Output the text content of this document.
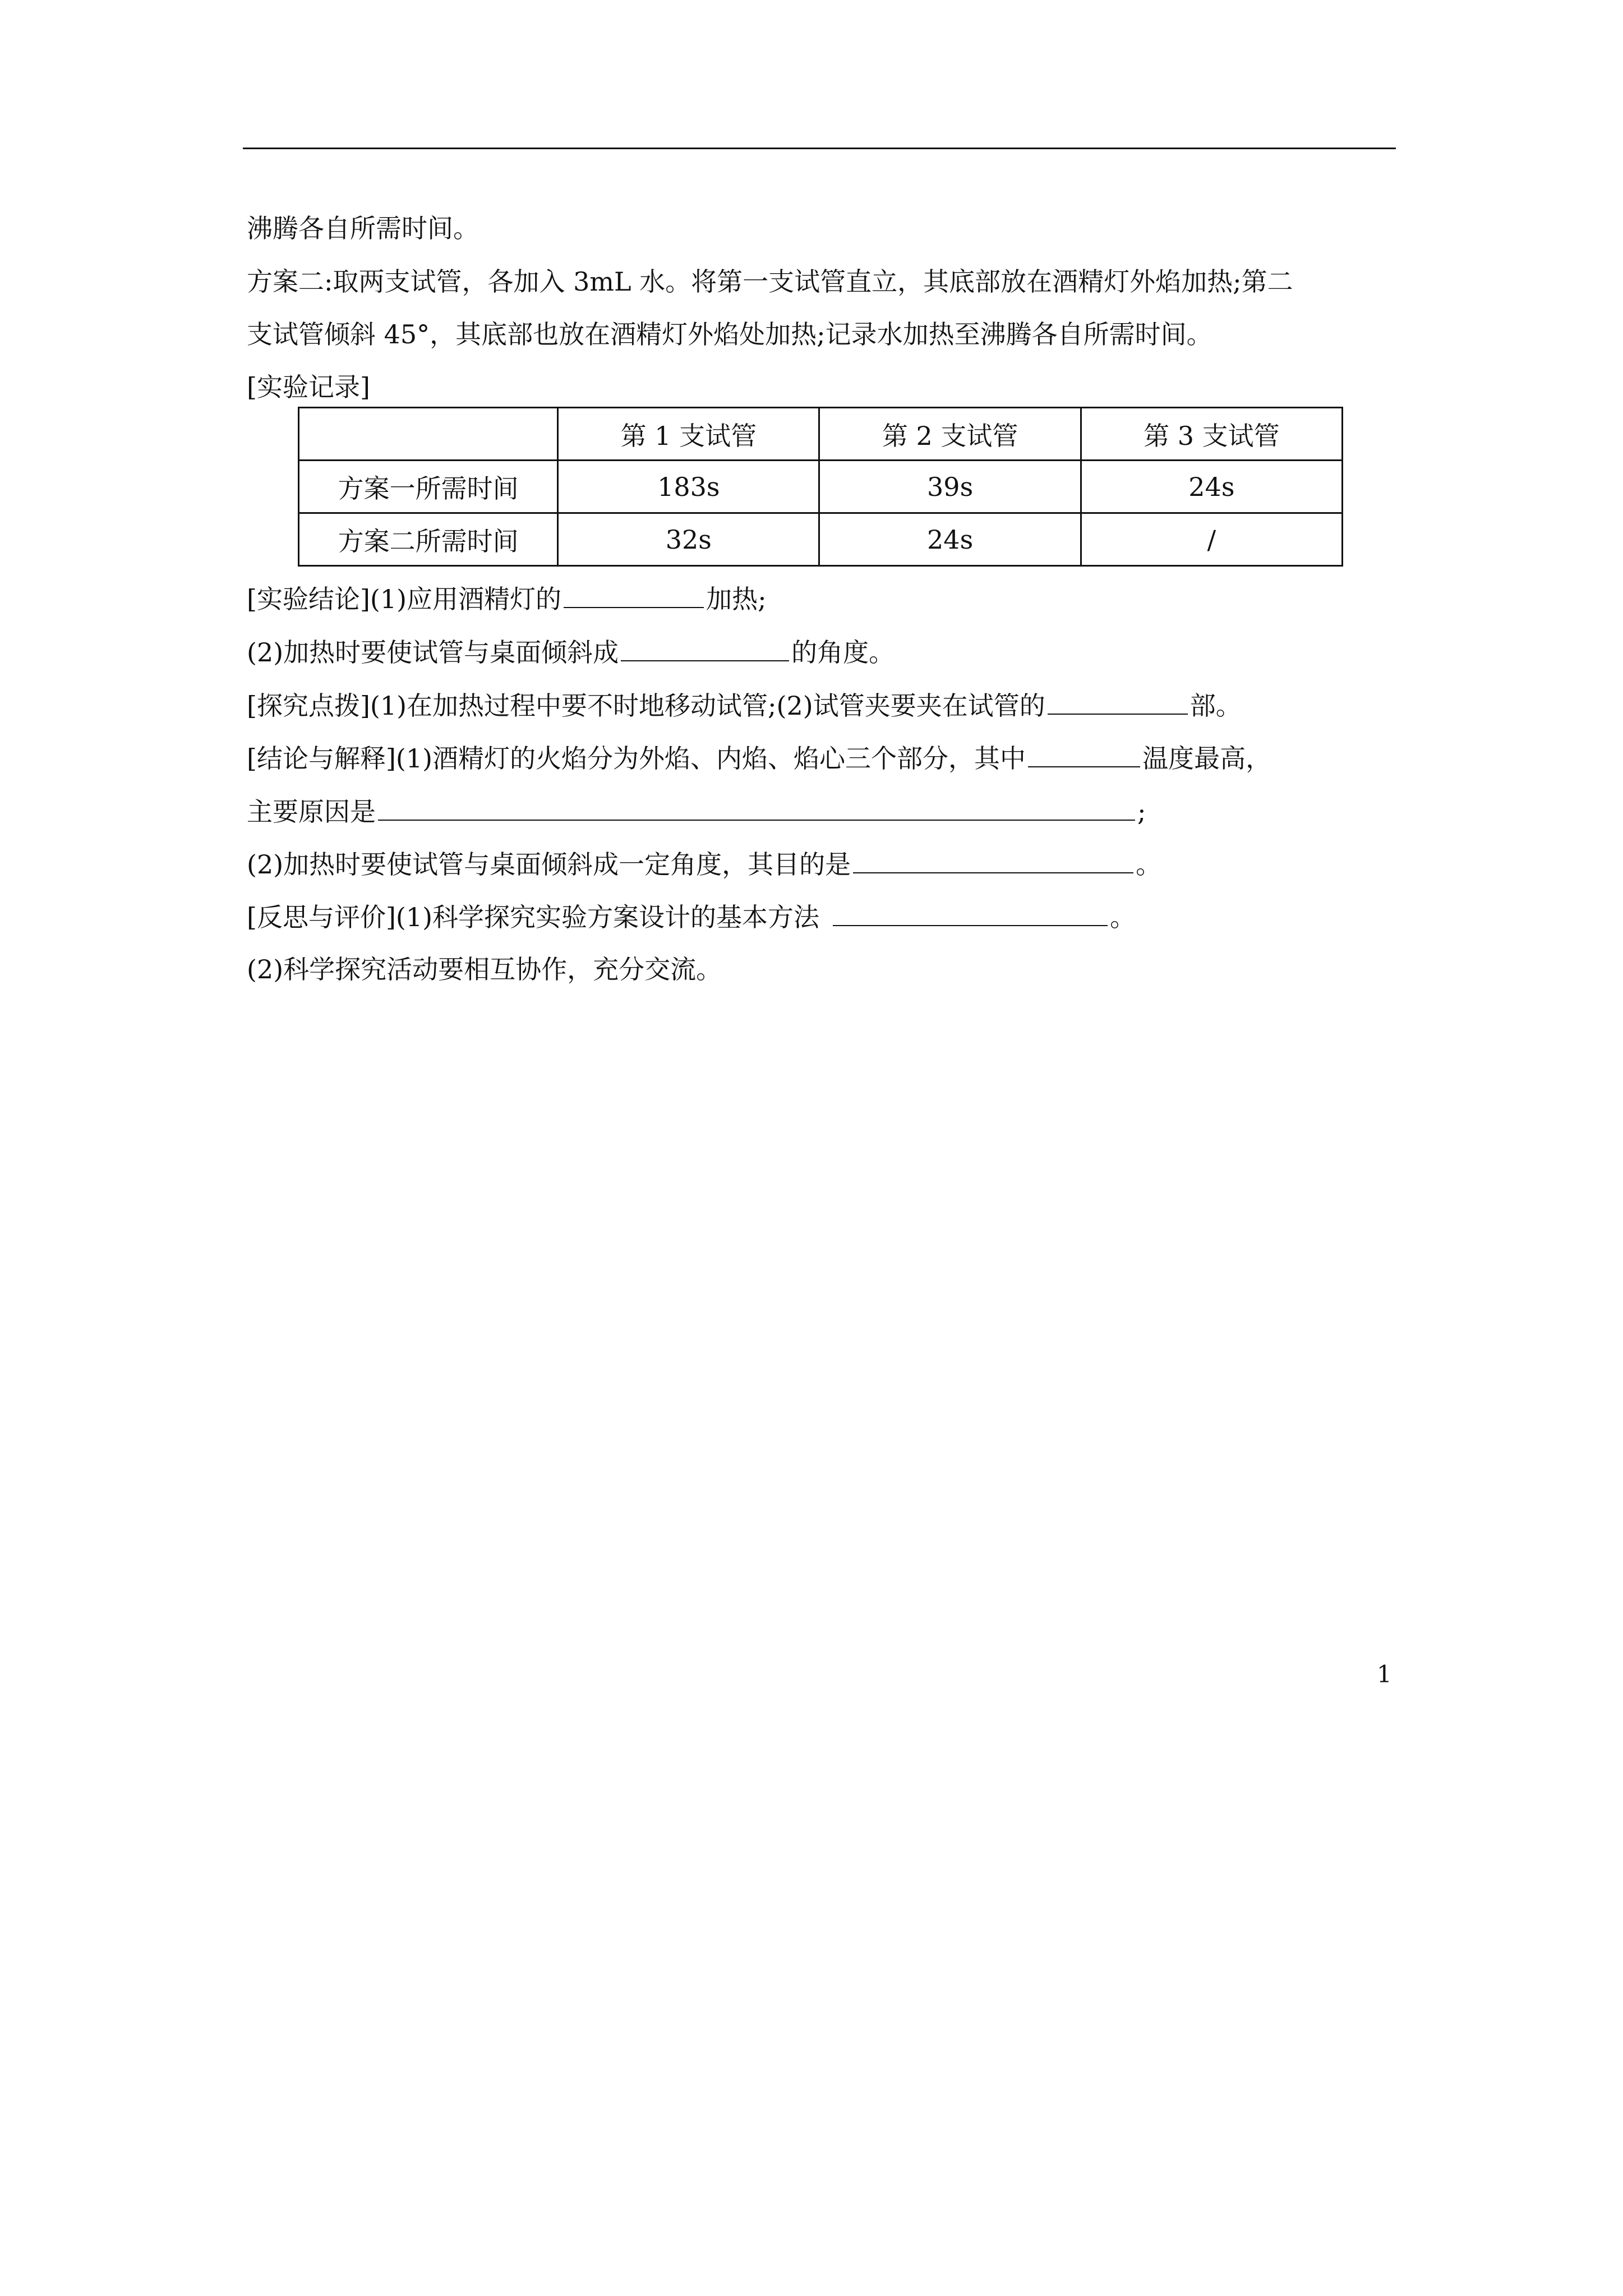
沸腾各自所需时间。
方案二:取两支试管，各加入 3mL 水。将第一支试管直立，其底部放在酒精灯外焰加热;第二
支试管倾斜 45°，其底部也放在酒精灯外焰处加热;记录水加热至沸腾各自所需时间。
[实验记录]
	第 1 支试管	第 2 支试管	第 3 支试管
方案一所需时间	183s	39s	24s
方案二所需时间	32s	24s	/
[实验结论](1)应用酒精灯的	加热;
(2)加热时要使试管与桌面倾斜成	的角度。
[探究点拨](1)在加热过程中要不时地移动试管;(2)试管夹要夹在试管的	部。
[结论与解释](1)酒精灯的火焰分为外焰、内焰、焰心三个部分，其中	温度最高，
主要原因是	;
(2)加热时要使试管与桌面倾斜成一定角度，其目的是	。
[反思与评价](1)科学探究实验方案设计的基本方法	。
(2)科学探究活动要相互协作，充分交流。
1
